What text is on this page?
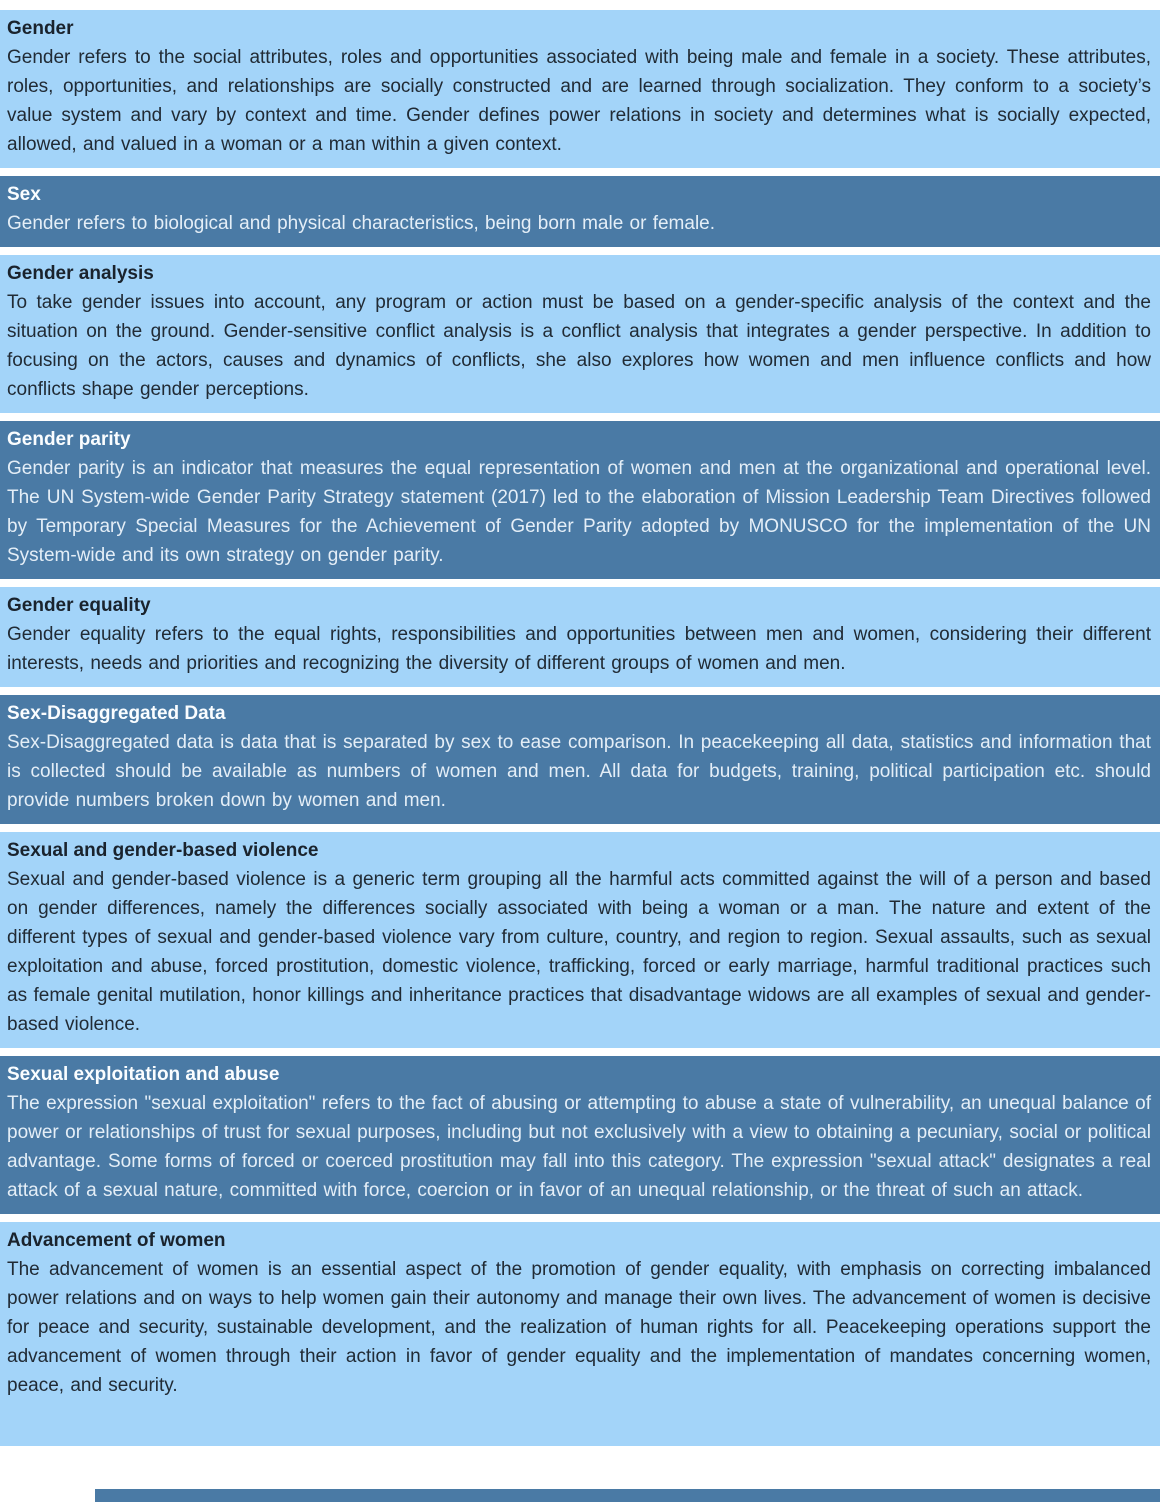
Gender

Gender refers to the social attributes, roles and opportunities associated with being male and female in a society. These attributes, roles, opportunities, and relationships are socially constructed and are learned through socialization. They conform to a society’s value system and vary by context and time. Gender defines power relations in society and determines what is socially expected, allowed, and valued in a woman or a man within a given context.

Sex

Gender refers to biological and physical characteristics, being born male or female.

Gender analysis

To take gender issues into account, any program or action must be based on a gender-specific analysis of the context and the situation on the ground. Gender-sensitive conflict analysis is a conflict analysis that integrates a gender perspective. In addition to focusing on the actors, causes and dynamics of conflicts, she also explores how women and men influence conflicts and how conflicts shape gender perceptions.

Gender parity

Gender parity is an indicator that measures the equal representation of women and men at the organizational and operational level. The UN System-wide Gender Parity Strategy statement (2017) led to the elaboration of Mission Leadership Team Directives followed by Temporary Special Measures for the Achievement of Gender Parity adopted by MONUSCO for the implementation of the UN System-wide and its own strategy on gender parity.

Gender equality

Gender equality refers to the equal rights, responsibilities and opportunities between men and women, considering their different interests, needs and priorities and recognizing the diversity of different groups of women and men.

Sex-Disaggregated Data

Sex-Disaggregated data is data that is separated by sex to ease comparison. In peacekeeping all data, statistics and information that is collected should be available as numbers of women and men. All data for budgets, training, political participation etc. should provide numbers broken down by women and men.

Sexual and gender-based violence

Sexual and gender-based violence is a generic term grouping all the harmful acts committed against the will of a person and based on gender differences, namely the differences socially associated with being a woman or a man. The nature and extent of the different types of sexual and gender-based violence vary from culture, country, and region to region. Sexual assaults, such as sexual exploitation and abuse, forced prostitution, domestic violence, trafficking, forced or early marriage, harmful traditional practices such as female genital mutilation, honor killings and inheritance practices that disadvantage widows are all examples of sexual and gender-based violence.

Sexual exploitation and abuse

The expression "sexual exploitation" refers to the fact of abusing or attempting to abuse a state of vulnerability, an unequal balance of power or relationships of trust for sexual purposes, including but not exclusively with a view to obtaining a pecuniary, social or political advantage. Some forms of forced or coerced prostitution may fall into this category. The expression "sexual attack" designates a real attack of a sexual nature, committed with force, coercion or in favor of an unequal relationship, or the threat of such an attack.

Advancement of women

The advancement of women is an essential aspect of the promotion of gender equality, with emphasis on correcting imbalanced power relations and on ways to help women gain their autonomy and manage their own lives. The advancement of women is decisive for peace and security, sustainable development, and the realization of human rights for all. Peacekeeping operations support the advancement of women through their action in favor of gender equality and the implementation of mandates concerning women, peace, and security.
